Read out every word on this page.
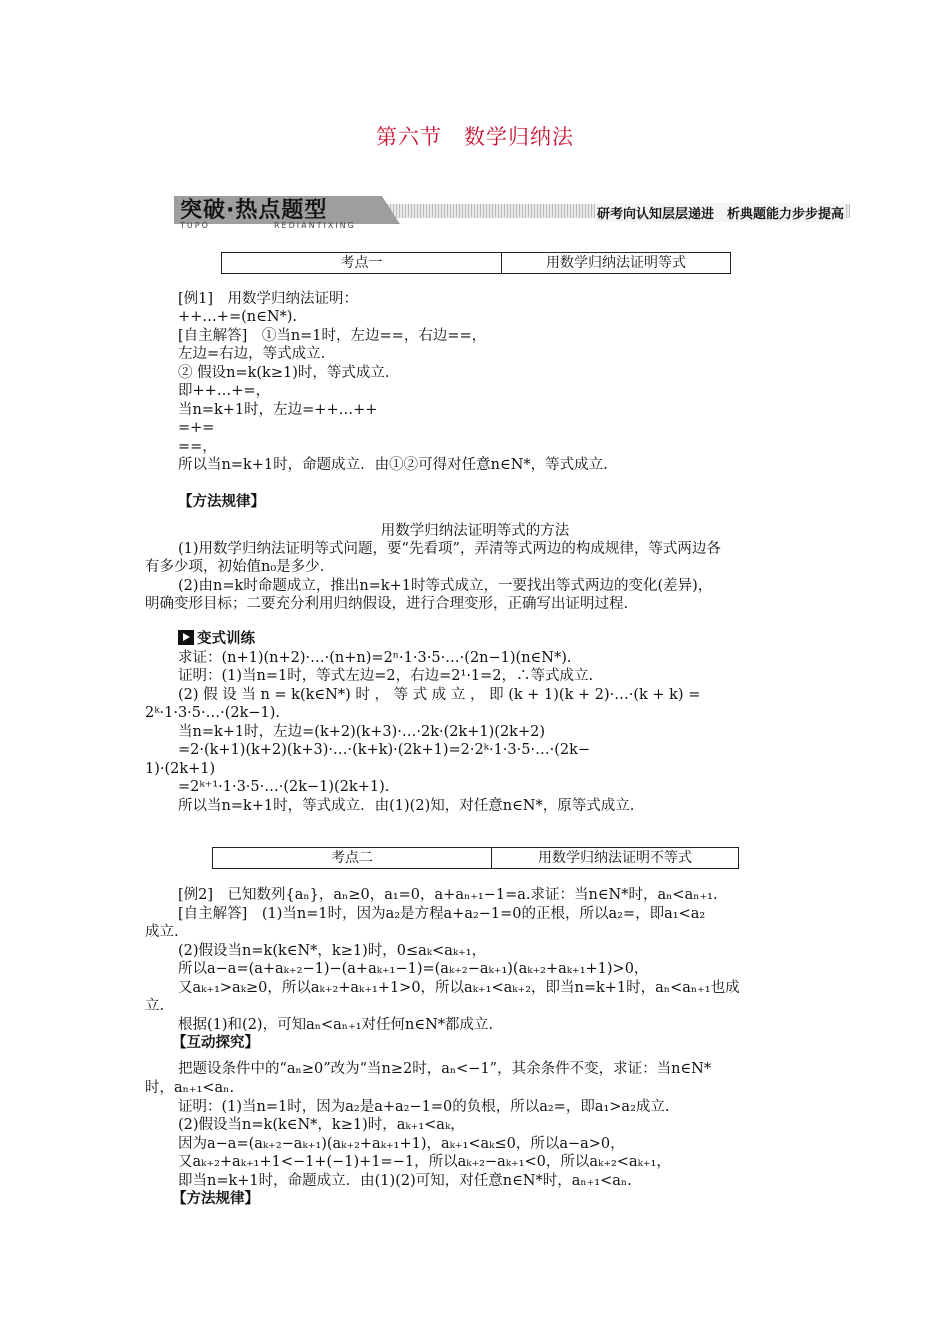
第六节　数学归纳法
突破·热点题型
TUPO	REDIANTIXING
研考向认知层层递进　析典题能力步步提高
考点一	用数学归纳法证明等式
[例1]　用数学归纳法证明：
++…+=(n∈N*).
[自主解答]　①当n=1时，左边==，右边==，
左边=右边，等式成立.
② 假设n=k(k≥1)时，等式成立.
即++…+=，
当n=k+1时，左边=++…++
=+=
==，
所以当n=k+1时，命题成立．由①②可得对任意n∈N*，等式成立.
【方法规律】
用数学归纳法证明等式的方法
(1)用数学归纳法证明等式问题，要“先看项”，弄清等式两边的构成规律，等式两边各
有多少项，初始值n₀是多少.
(2)由n=k时命题成立，推出n=k+1时等式成立，一要找出等式两边的变化(差异)，
明确变形目标；二要充分利用归纳假设，进行合理变形，正确写出证明过程.
变式训练
求证：(n+1)(n+2)·…·(n+n)=2ⁿ·1·3·5·…·(2n−1)(n∈N*).
证明：(1)当n=1时，等式左边=2，右边=2¹·1=2，∴等式成立.
(2) 假 设 当 n = k(k∈N*) 时 ， 等 式 成 立 ， 即 (k + 1)(k + 2)·…·(k + k) =
2ᵏ·1·3·5·…·(2k−1).
当n=k+1时，左边=(k+2)(k+3)·…·2k·(2k+1)(2k+2)
=2·(k+1)(k+2)(k+3)·…·(k+k)·(2k+1)=2·2ᵏ·1·3·5·…·(2k−
1)·(2k+1)
=2ᵏ⁺¹·1·3·5·…·(2k−1)(2k+1).
所以当n=k+1时，等式成立．由(1)(2)知，对任意n∈N*，原等式成立.
考点二	用数学归纳法证明不等式
[例2]　已知数列{aₙ}，aₙ≥0，a₁=0，a+aₙ₊₁−1=a.求证：当n∈N*时，aₙ<aₙ₊₁.
[自主解答]　(1)当n=1时，因为a₂是方程a+a₂−1=0的正根，所以a₂=，即a₁<a₂
成立.
(2)假设当n=k(k∈N*，k≥1)时，0≤aₖ<aₖ₊₁，
所以a−a=(a+aₖ₊₂−1)−(a+aₖ₊₁−1)=(aₖ₊₂−aₖ₊₁)(aₖ₊₂+aₖ₊₁+1)>0，
又aₖ₊₁>aₖ≥0，所以aₖ₊₂+aₖ₊₁+1>0，所以aₖ₊₁<aₖ₊₂，即当n=k+1时，aₙ<aₙ₊₁也成
立.
根据(1)和(2)，可知aₙ<aₙ₊₁对任何n∈N*都成立.
【互动探究】
把题设条件中的“aₙ≥0”改为“当n≥2时，aₙ<−1”，其余条件不变，求证：当n∈N*
时，aₙ₊₁<aₙ.
证明：(1)当n=1时，因为a₂是a+a₂−1=0的负根，所以a₂=，即a₁>a₂成立.
(2)假设当n=k(k∈N*，k≥1)时，aₖ₊₁<aₖ，
因为a−a=(aₖ₊₂−aₖ₊₁)(aₖ₊₂+aₖ₊₁+1)，aₖ₊₁<aₖ≤0，所以a−a>0，
又aₖ₊₂+aₖ₊₁+1<−1+(−1)+1=−1，所以aₖ₊₂−aₖ₊₁<0，所以aₖ₊₂<aₖ₊₁，
即当n=k+1时，命题成立．由(1)(2)可知，对任意n∈N*时，aₙ₊₁<aₙ.
【方法规律】
